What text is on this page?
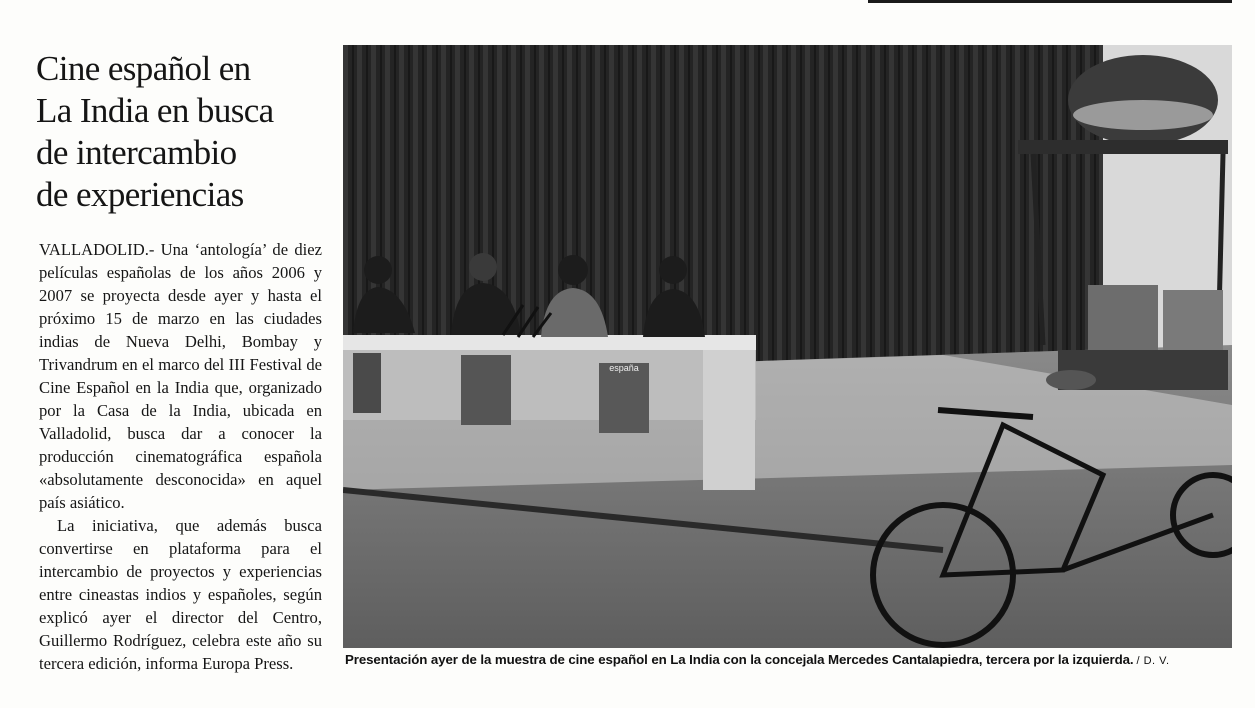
Cine español en
La India en busca
de intercambio
de experiencias

VALLADOLID.- Una ‘antología’ de diez películas españolas de los años 2006 y 2007 se proyecta desde ayer y hasta el próximo 15 de marzo en las ciudades indias de Nueva Delhi, Bombay y Trivandrum en el marco del III Festival de Cine Español en la India que, organizado por la Casa de la India, ubicada en Valladolid, busca dar a conocer la producción cinematográfica española «absolutamente desconocida» en aquel país asiático.

La iniciativa, que además busca convertirse en plataforma para el intercambio de proyectos y experiencias entre cineastas indios y españoles, según explicó ayer el director del Centro, Guillermo Rodríguez, celebra este año su tercera edición, informa Europa Press.

españa
Presentación ayer de la muestra de cine español en La India con la concejala Mercedes Cantalapiedra, tercera por la izquierda. / D. V.
